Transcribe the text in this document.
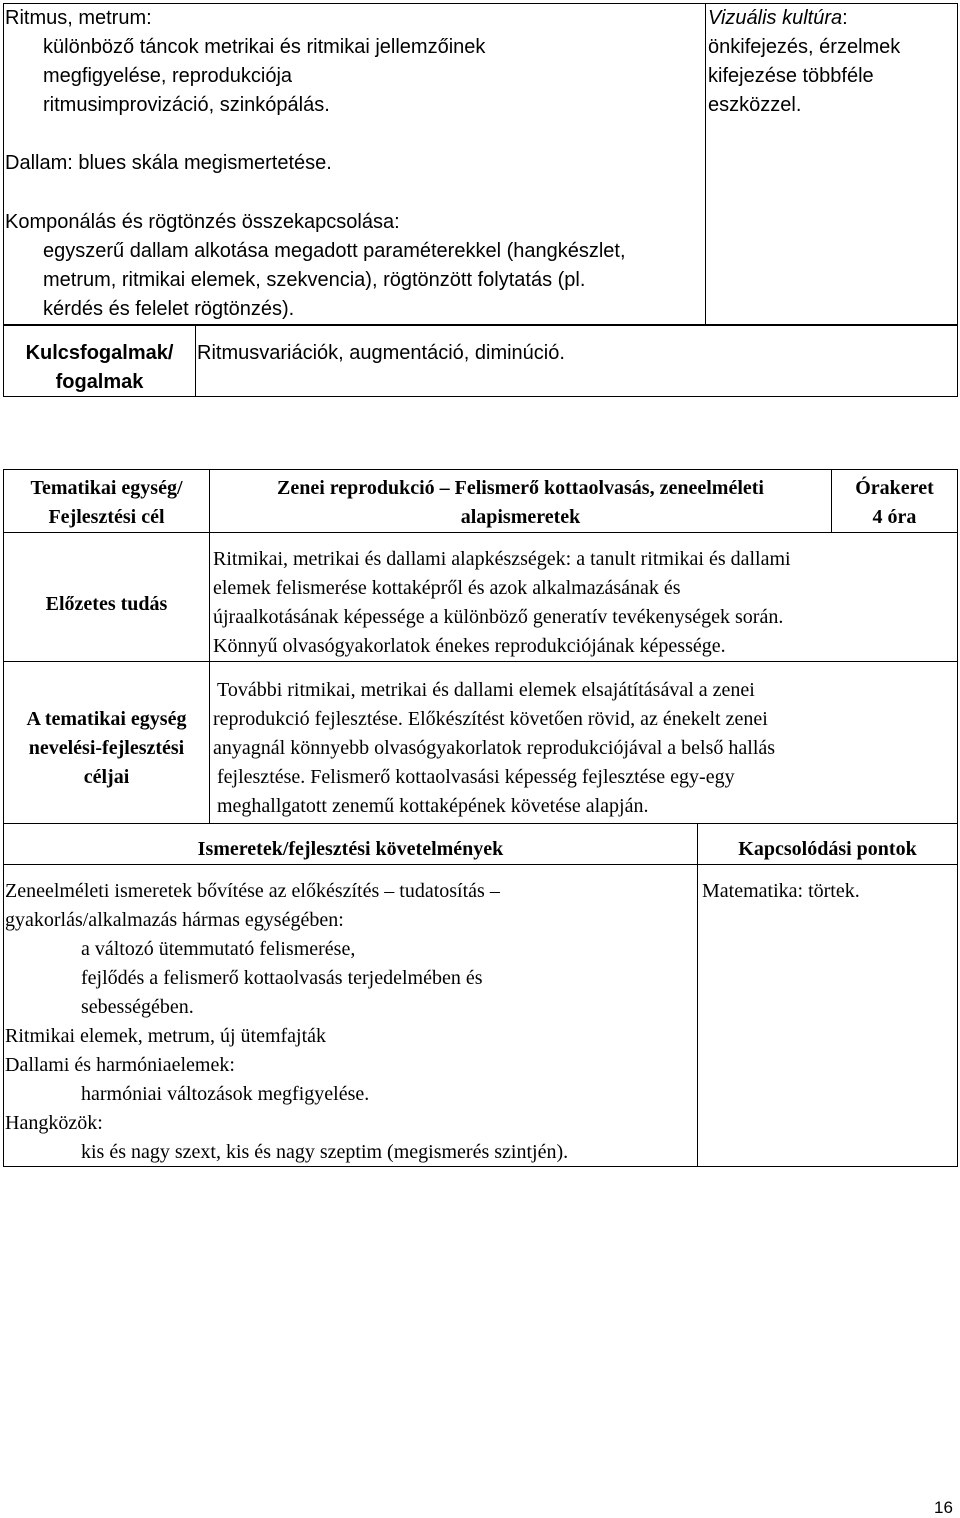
Ritmus, metrum:
különböző táncok metrikai és ritmikai jellemzőinek
megfigyelése, reprodukciója
ritmusimprovizáció, szinkópálás.
Dallam: blues skála megismertetése.
Komponálás és rögtönzés összekapcsolása:
egyszerű dallam alkotása megadott paraméterekkel (hangkészlet,
metrum, ritmikai elemek, szekvencia), rögtönzött folytatás (pl.
kérdés és felelet rögtönzés).
Vizuális kultúra:
önkifejezés, érzelmek
kifejezése többféle
eszközzel.
Kulcsfogalmak/
fogalmak
Ritmusvariációk, augmentáció, diminúció.
Tematikai egység/
Fejlesztési cél
Zenei reprodukció – Felismerő kottaolvasás, zeneelméleti
alapismeretek
Órakeret
4 óra
Előzetes tudás
Ritmikai, metrikai és dallami alapkészségek: a tanult ritmikai és dallami
elemek felismerése kottaképről és azok alkalmazásának és
újraalkotásának képessége a különböző generatív tevékenységek során.
Könnyű olvasógyakorlatok énekes reprodukciójának képessége.
A tematikai egység
nevelési-fejlesztési
céljai
További ritmikai, metrikai és dallami elemek elsajátításával a zenei
reprodukció fejlesztése. Előkészítést követően rövid, az énekelt zenei
anyagnál könnyebb olvasógyakorlatok reprodukciójával a belső hallás
fejlesztése. Felismerő kottaolvasási képesség fejlesztése egy-egy
meghallgatott zenemű kottaképének követése alapján.
Ismeretek/fejlesztési követelmények	Kapcsolódási pontok
Zeneelméleti ismeretek bővítése az előkészítés – tudatosítás –
gyakorlás/alkalmazás hármas egységében:
a változó ütemmutató felismerése,
fejlődés a felismerő kottaolvasás terjedelmében és
sebességében.
Ritmikai elemek, metrum, új ütemfajták
Dallami és harmóniaelemek:
harmóniai változások megfigyelése.
Hangközök:
kis és nagy szext, kis és nagy szeptim (megismerés szintjén).
Matematika: törtek.
16
